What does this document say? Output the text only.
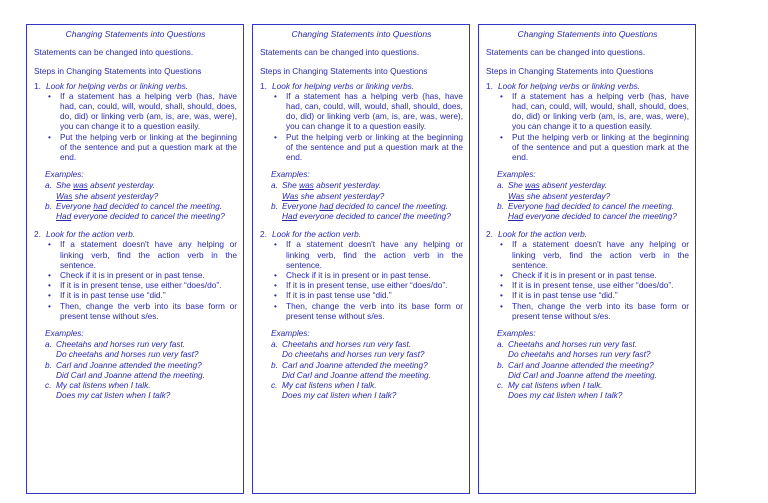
Changing Statements into Questions

Statements can be changed into questions.

Steps in Changing Statements into Questions

1. Look for helping verbs or linking verbs.

• If a statement has a helping verb (has, have had, can, could, will, would, shall, should, does, do, did) or linking verb (am, is, are, was, were), you can change it to a question easily.
• Put the helping verb or linking at the beginning of the sentence and put a question mark at the end.

Examples:

a. She was absent yesterday.
Was she absent yesterday?
b. Everyone had decided to cancel the meeting.
Had everyone decided to cancel the meeting?

2. Look for the action verb.

• If a statement doesn't have any helping or linking verb, find the action verb in the sentence.
• Check if it is in present or in past tense.
• If it is in present tense, use either “does/do”.
• If it is in past tense use “did.”
• Then, change the verb into its base form or present tense without s/es.

Examples:

a. Cheetahs and horses run very fast.
Do cheetahs and horses run very fast?
b. Carl and Joanne attended the meeting?
Did Carl and Joanne attend the meeting.
c. My cat listens when I talk.
Does my cat listen when I talk?

Changing Statements into Questions

Statements can be changed into questions.

Steps in Changing Statements into Questions

1. Look for helping verbs or linking verbs.

• If a statement has a helping verb (has, have had, can, could, will, would, shall, should, does, do, did) or linking verb (am, is, are, was, were), you can change it to a question easily.
• Put the helping verb or linking at the beginning of the sentence and put a question mark at the end.

Examples:

a. She was absent yesterday.
Was she absent yesterday?
b. Everyone had decided to cancel the meeting.
Had everyone decided to cancel the meeting?

2. Look for the action verb.

• If a statement doesn't have any helping or linking verb, find the action verb in the sentence.
• Check if it is in present or in past tense.
• If it is in present tense, use either “does/do”.
• If it is in past tense use “did.”
• Then, change the verb into its base form or present tense without s/es.

Examples:

a. Cheetahs and horses run very fast.
Do cheetahs and horses run very fast?
b. Carl and Joanne attended the meeting?
Did Carl and Joanne attend the meeting.
c. My cat listens when I talk.
Does my cat listen when I talk?

Changing Statements into Questions

Statements can be changed into questions.

Steps in Changing Statements into Questions

1. Look for helping verbs or linking verbs.

• If a statement has a helping verb (has, have had, can, could, will, would, shall, should, does, do, did) or linking verb (am, is, are, was, were), you can change it to a question easily.
• Put the helping verb or linking at the beginning of the sentence and put a question mark at the end.

Examples:

a. She was absent yesterday.
Was she absent yesterday?
b. Everyone had decided to cancel the meeting.
Had everyone decided to cancel the meeting?

2. Look for the action verb.

• If a statement doesn't have any helping or linking verb, find the action verb in the sentence.
• Check if it is in present or in past tense.
• If it is in present tense, use either “does/do”.
• If it is in past tense use “did.”
• Then, change the verb into its base form or present tense without s/es.

Examples:

a. Cheetahs and horses run very fast.
Do cheetahs and horses run very fast?
b. Carl and Joanne attended the meeting?
Did Carl and Joanne attend the meeting.
c. My cat listens when I talk.
Does my cat listen when I talk?
